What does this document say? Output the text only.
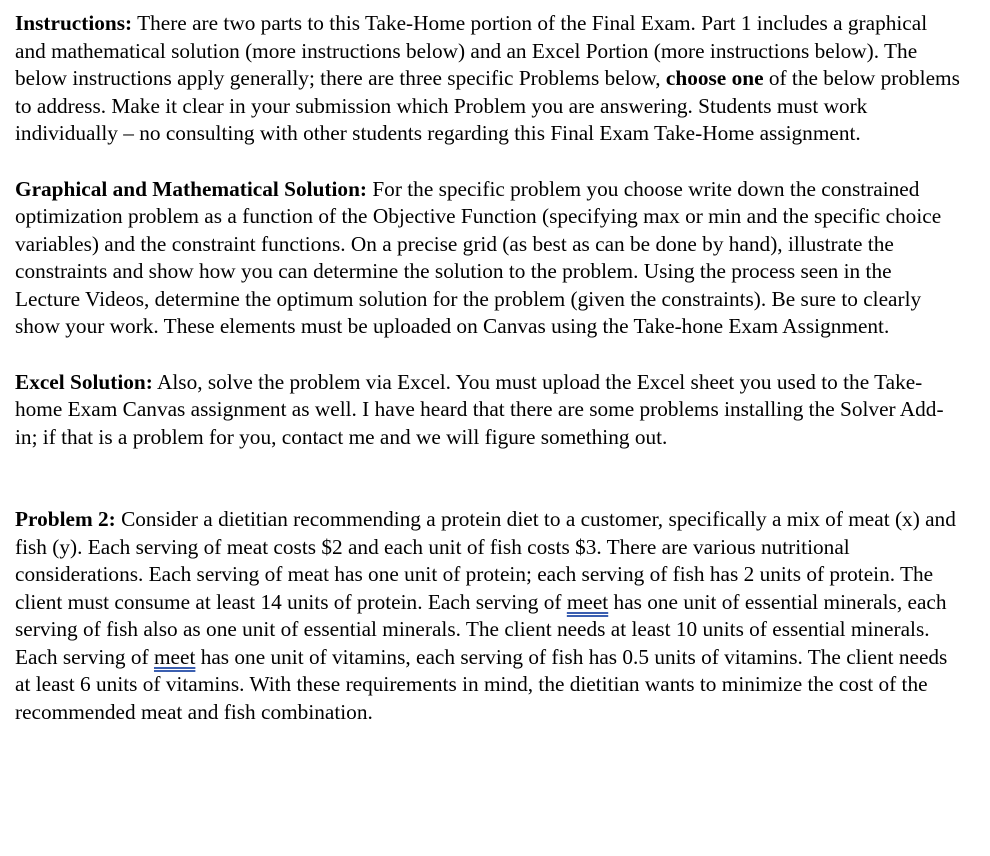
Instructions: There are two parts to this Take-Home portion of the Final Exam. Part 1 includes a graphical and mathematical solution (more instructions below) and an Excel Portion (more instructions below). The below instructions apply generally; there are three specific Problems below, choose one of the below problems to address. Make it clear in your submission which Problem you are answering. Students must work individually – no consulting with other students regarding this Final Exam Take-Home assignment.

Graphical and Mathematical Solution: For the specific problem you choose write down the constrained optimization problem as a function of the Objective Function (specifying max or min and the specific choice variables) and the constraint functions. On a precise grid (as best as can be done by hand), illustrate the constraints and show how you can determine the solution to the problem. Using the process seen in the Lecture Videos, determine the optimum solution for the problem (given the constraints). Be sure to clearly show your work. These elements must be uploaded on Canvas using the Take-hone Exam Assignment.

Excel Solution: Also, solve the problem via Excel. You must upload the Excel sheet you used to the Take-home Exam Canvas assignment as well. I have heard that there are some problems installing the Solver Add-in; if that is a problem for you, contact me and we will figure something out.

Problem 2: Consider a dietitian recommending a protein diet to a customer, specifically a mix of meat (x) and fish (y). Each serving of meat costs $2 and each unit of fish costs $3. There are various nutritional considerations. Each serving of meat has one unit of protein; each serving of fish has 2 units of protein. The client must consume at least 14 units of protein. Each serving of meet has one unit of essential minerals, each serving of fish also as one unit of essential minerals. The client needs at least 10 units of essential minerals. Each serving of meet has one unit of vitamins, each serving of fish has 0.5 units of vitamins. The client needs at least 6 units of vitamins. With these requirements in mind, the dietitian wants to minimize the cost of the recommended meat and fish combination.
